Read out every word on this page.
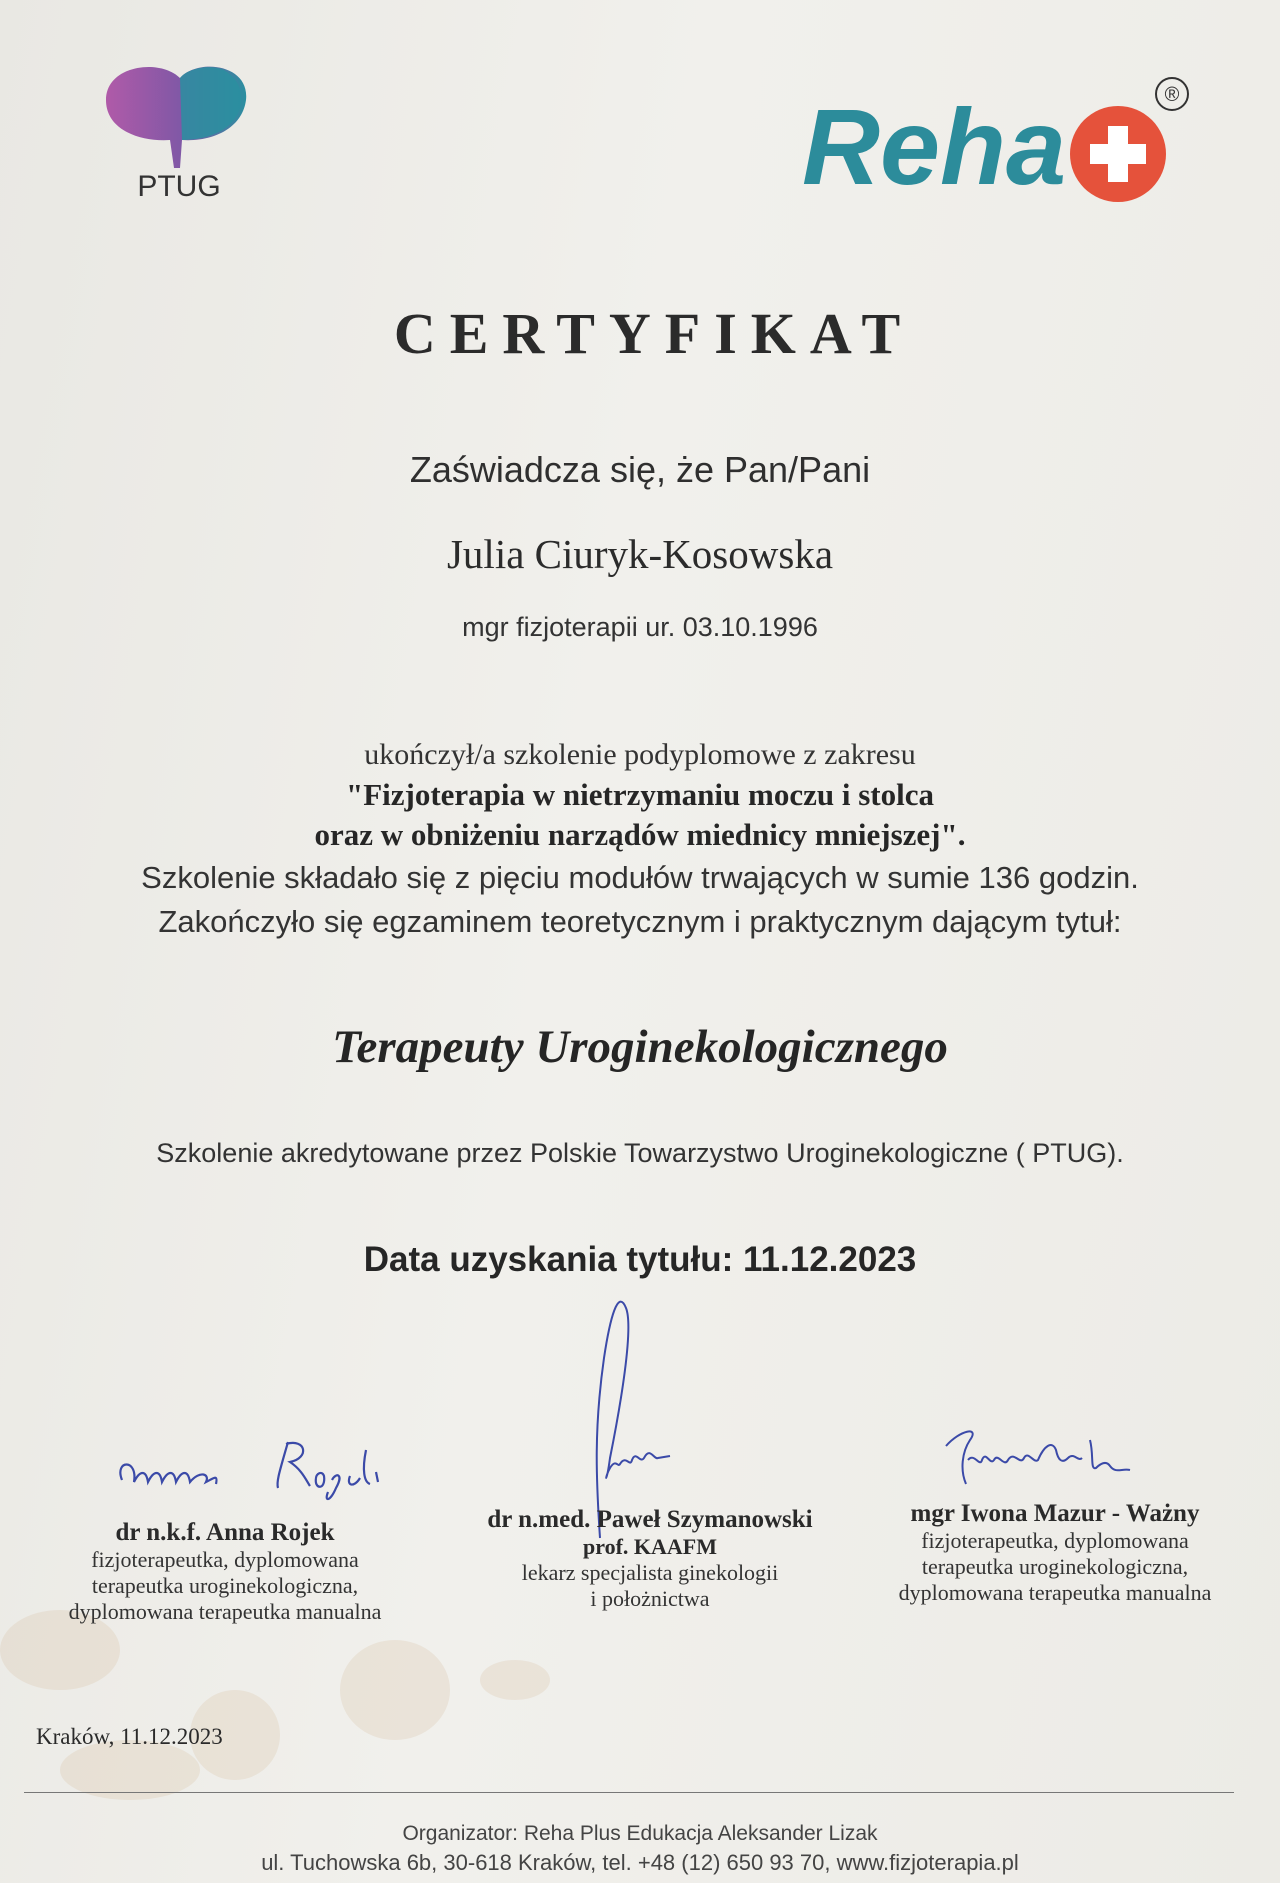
PTUG	Reha	®
CERTYFIKAT
Zaświadcza się, że Pan/Pani
Julia Ciuryk-Kosowska
mgr fizjoterapii ur. 03.10.1996
ukończył/a szkolenie podyplomowe z zakresu
"Fizjoterapia w nietrzymaniu moczu i stolca
oraz w obniżeniu narządów miednicy mniejszej".
Szkolenie składało się z pięciu modułów trwających w sumie 136 godzin.
Zakończyło się egzaminem teoretycznym i praktycznym dającym tytuł:
Terapeuty Uroginekologicznego
Szkolenie akredytowane przez Polskie Towarzystwo Uroginekologiczne ( PTUG).
Data uzyskania tytułu: 11.12.2023
dr n.k.f. Anna Rojek
fizjoterapeutka, dyplomowana
terapeutka uroginekologiczna,
dyplomowana terapeutka manualna
dr n.med. Paweł Szymanowski
prof. KAAFM
lekarz specjalista ginekologii
i położnictwa
mgr Iwona Mazur - Ważny
fizjoterapeutka, dyplomowana
terapeutka uroginekologiczna,
dyplomowana terapeutka manualna
Kraków, 11.12.2023
Organizator: Reha Plus Edukacja Aleksander Lizak
ul. Tuchowska 6b, 30-618 Kraków, tel. +48 (12) 650 93 70, www.fizjoterapia.pl
